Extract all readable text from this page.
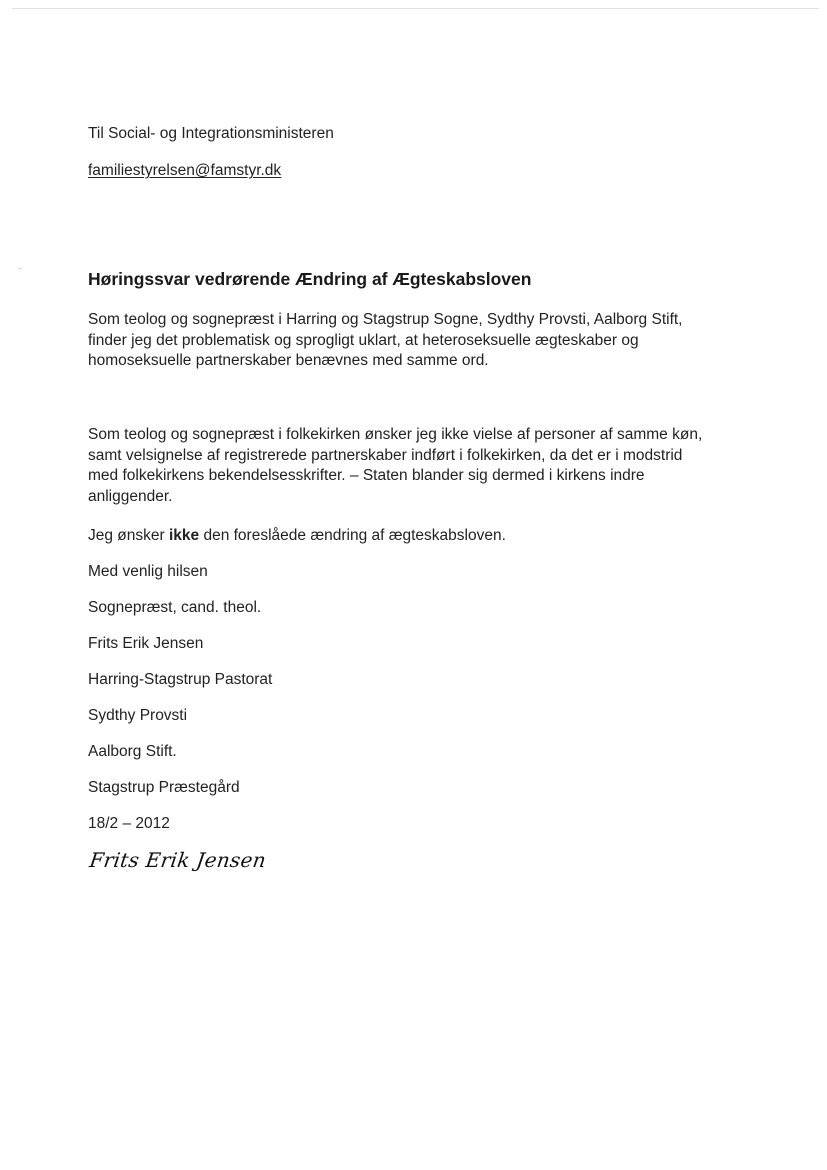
Til Social- og Integrationsministeren

familiestyrelsen@famstyr.dk

Høringssvar vedrørende Ændring af Ægteskabsloven

Som teolog og sognepræst i Harring og Stagstrup Sogne, Sydthy Provsti, Aalborg Stift,
finder jeg det problematisk og sprogligt uklart, at heteroseksuelle ægteskaber og
homoseksuelle partnerskaber benævnes med samme ord.

Som teolog og sognepræst i folkekirken ønsker jeg ikke vielse af personer af samme køn,
samt velsignelse af registrerede partnerskaber indført i folkekirken, da det er i modstrid
med folkekirkens bekendelsesskrifter. – Staten blander sig dermed i kirkens indre
anliggender.

Jeg ønsker ikke den foreslåede ændring af ægteskabsloven.

Med venlig hilsen

Sognepræst, cand. theol.

Frits Erik Jensen

Harring-Stagstrup Pastorat

Sydthy Provsti

Aalborg Stift.

Stagstrup Præstegård

18/2 – 2012

Frits Erik Jensen
